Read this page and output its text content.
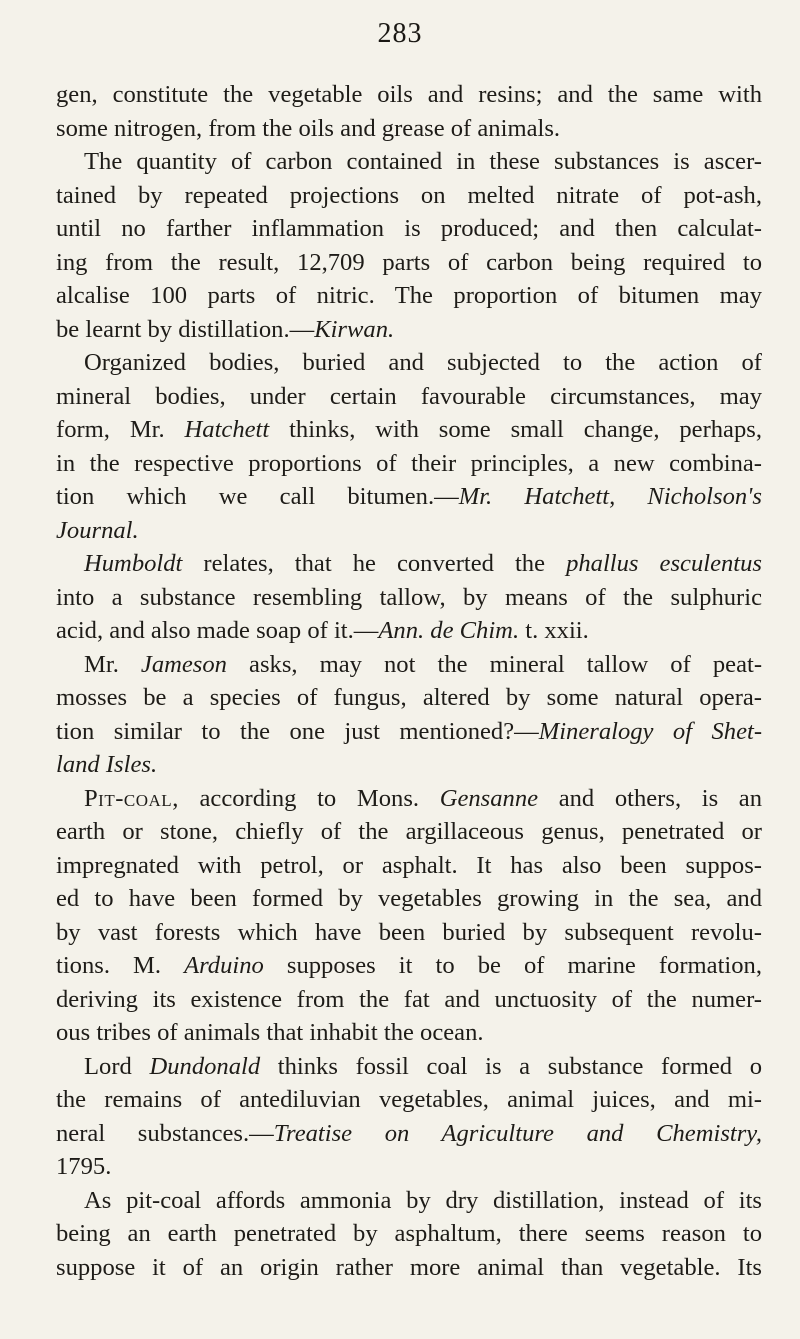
283
gen, constitute the vegetable oils and resins; and the same with
some nitrogen, from the oils and grease of animals.
The quantity of carbon contained in these substances is ascer-
tained by repeated projections on melted nitrate of pot-ash,
until no farther inflammation is produced; and then calculat-
ing from the result, 12,709 parts of carbon being required to
alcalise 100 parts of nitric. The proportion of bitumen may
be learnt by distillation.—Kirwan.
Organized bodies, buried and subjected to the action of
mineral bodies, under certain favourable circumstances, may
form, Mr. Hatchett thinks, with some small change, perhaps,
in the respective proportions of their principles, a new combina-
tion which we call bitumen.—Mr. Hatchett, Nicholson's
Journal.
Humboldt relates, that he converted the phallus esculentus
into a substance resembling tallow, by means of the sulphuric
acid, and also made soap of it.—Ann. de Chim. t. xxii.
Mr. Jameson asks, may not the mineral tallow of peat-
mosses be a species of fungus, altered by some natural opera-
tion similar to the one just mentioned?—Mineralogy of Shet-
land Isles.
Pit-coal, according to Mons. Gensanne and others, is an
earth or stone, chiefly of the argillaceous genus, penetrated or
impregnated with petrol, or asphalt. It has also been suppos-
ed to have been formed by vegetables growing in the sea, and
by vast forests which have been buried by subsequent revolu-
tions. M. Arduino supposes it to be of marine formation,
deriving its existence from the fat and unctuosity of the numer-
ous tribes of animals that inhabit the ocean.
Lord Dundonald thinks fossil coal is a substance formed o
the remains of antediluvian vegetables, animal juices, and mi-
neral substances.—Treatise on Agriculture and Chemistry,
1795.
As pit-coal affords ammonia by dry distillation, instead of its
being an earth penetrated by asphaltum, there seems reason to
suppose it of an origin rather more animal than vegetable. Its
